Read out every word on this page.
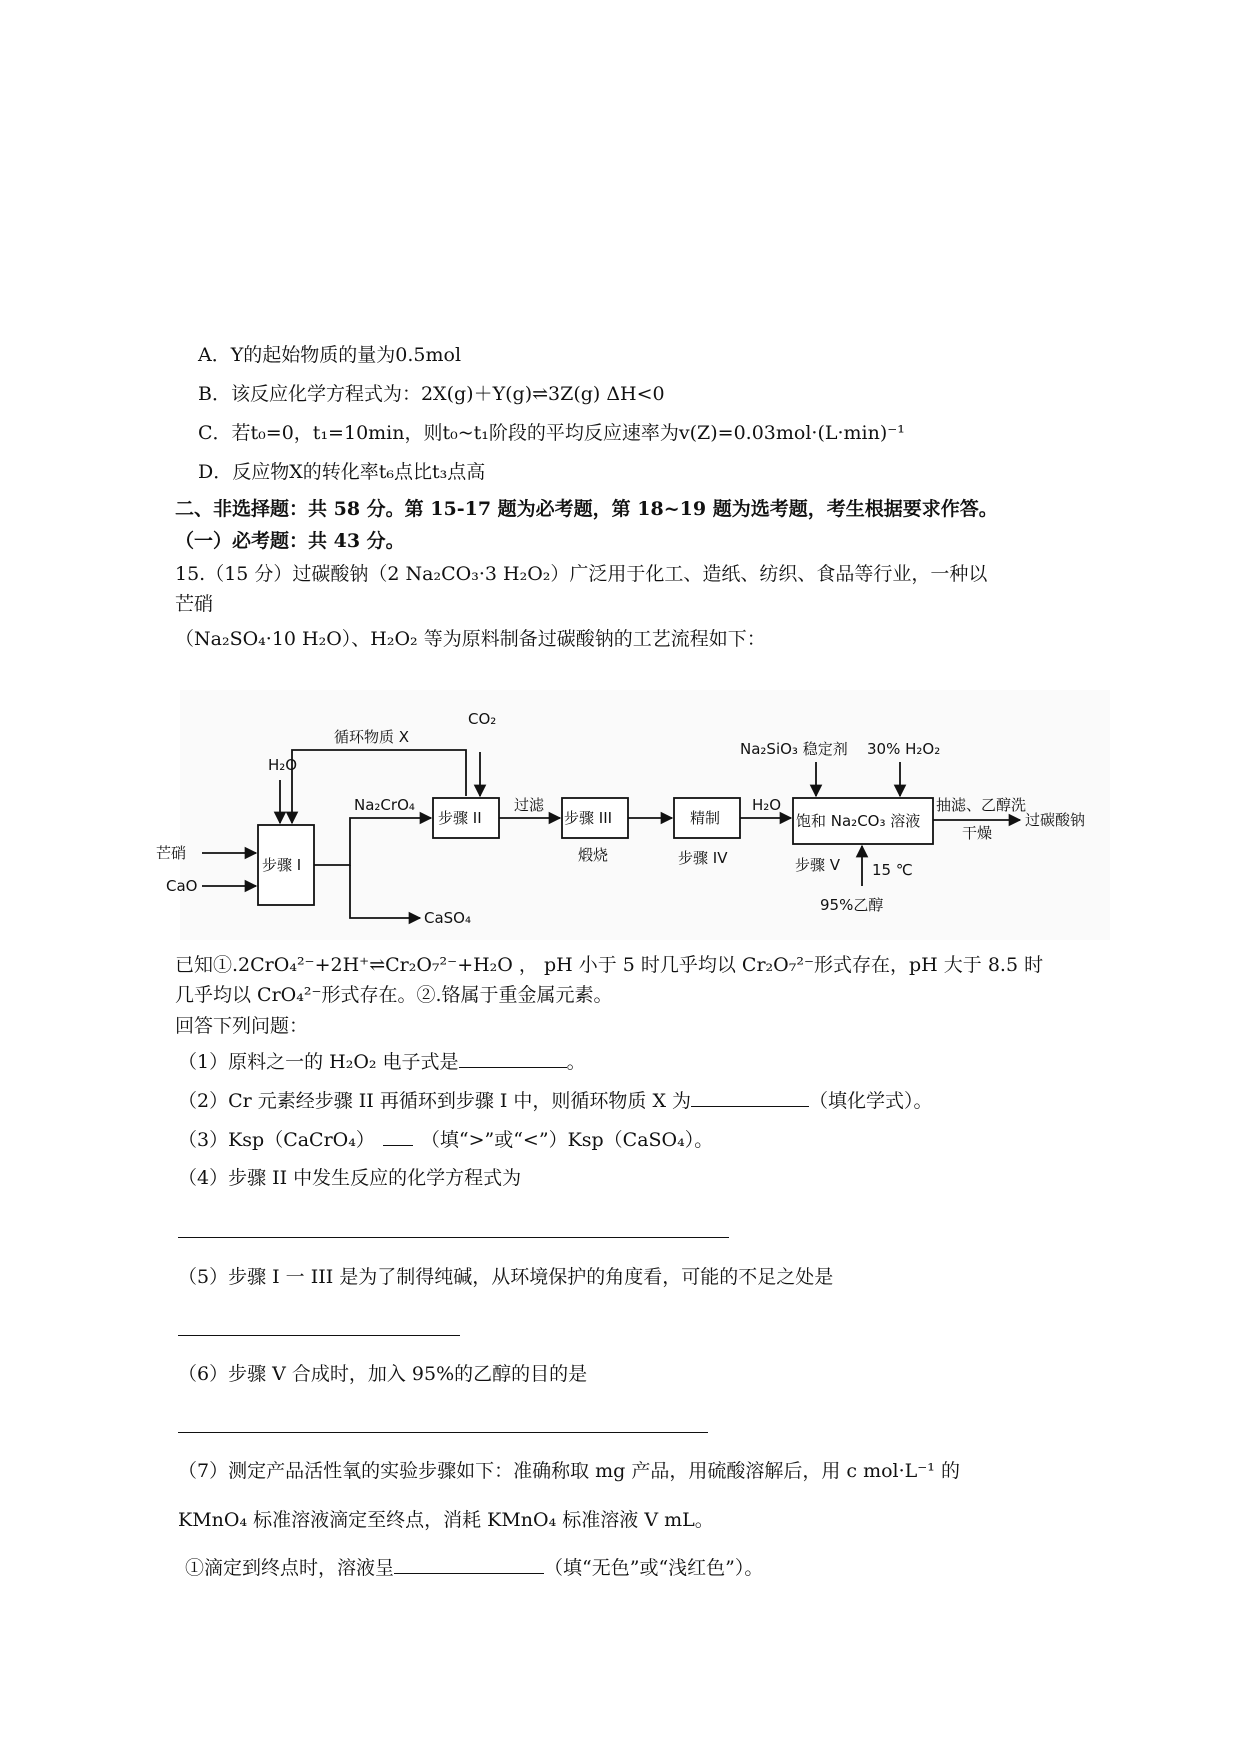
A．Y的起始物质的量为0.5mol
B．该反应化学方程式为：2X(g)＋Y(g)⇌3Z(g) ΔH<0
C．若t₀=0，t₁=10min，则t₀~t₁阶段的平均反应速率为v(Z)=0.03mol·(L·min)⁻¹
D．反应物X的转化率t₆点比t₃点高
二、非选择题：共 58 分。第 15-17 题为必考题，第 18~19 题为选考题，考生根据要求作答。
（一）必考题：共 43 分。
15.（15 分）过碳酸钠（2 Na₂CO₃·3 H₂O₂）广泛用于化工、造纸、纺织、食品等行业，一种以
芒硝
（Na₂SO₄·10 H₂O）、H₂O₂ 等为原料制备过碳酸钠的工艺流程如下：
芒硝
CaO
H₂O
循环物质 X
CO₂
Na₂CrO₄
步骤 I
步骤 II
过滤
步骤 III
煅烧
精制
步骤 IV
H₂O
Na₂SiO₃ 稳定剂 30% H₂O₂
饱和 Na₂CO₃ 溶液
步骤 V 15 ℃
95%乙醇
抽滤、乙醇洗
干燥
过碳酸钠
CaSO₄
已知①.2CrO₄²⁻+2H⁺⇌Cr₂O₇²⁻+H₂O ， pH 小于 5 时几乎均以 Cr₂O₇²⁻形式存在，pH 大于 8.5 时
几乎均以 CrO₄²⁻形式存在。②.铬属于重金属元素。
回答下列问题：
（1）原料之一的 H₂O₂ 电子式是	。
（2）Cr 元素经步骤 II 再循环到步骤 I 中，则循环物质 X 为	（填化学式）。
（3）Ksp（CaCrO₄） （填“>”或“<”）Ksp（CaSO₄）。
（4）步骤 II 中发生反应的化学方程式为
（5）步骤 I 一 III 是为了制得纯碱，从环境保护的角度看，可能的不足之处是
（6）步骤 V 合成时，加入 95%的乙醇的目的是
（7）测定产品活性氧的实验步骤如下：准确称取 mg 产品，用硫酸溶解后，用 c mol·L⁻¹ 的
KMnO₄ 标准溶液滴定至终点，消耗 KMnO₄ 标准溶液 V mL。
①滴定到终点时，溶液呈	（填“无色”或“浅红色”）。
